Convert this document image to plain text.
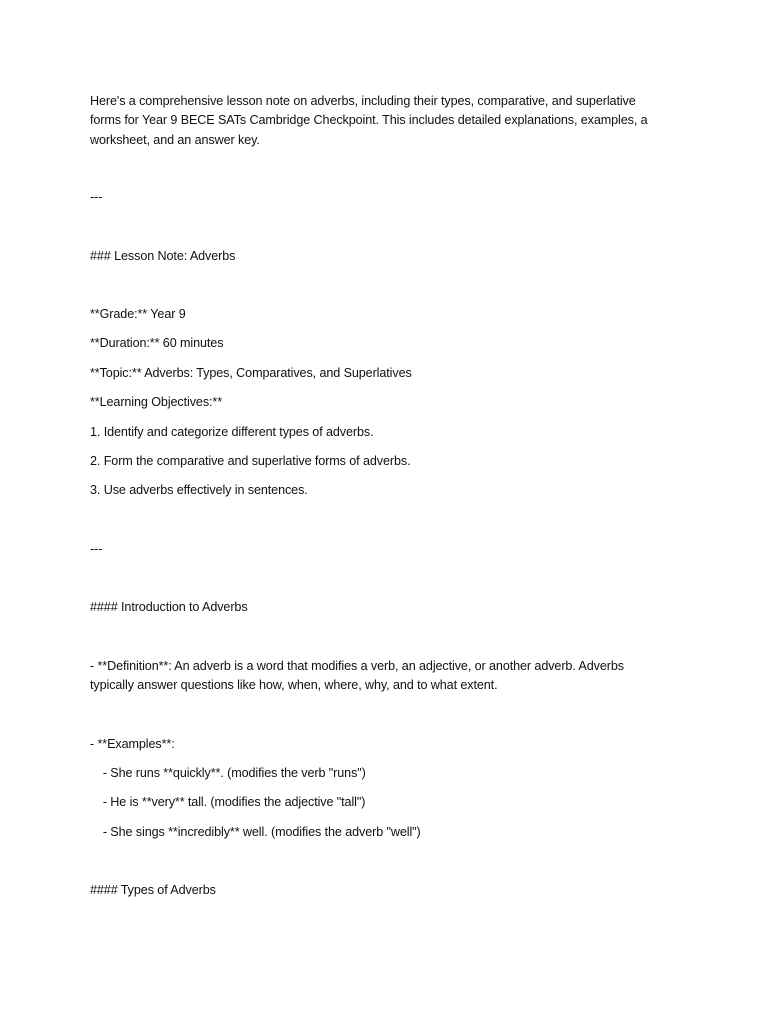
Here's a comprehensive lesson note on adverbs, including their types, comparative, and superlative forms for Year 9 BECE SATs Cambridge Checkpoint. This includes detailed explanations, examples, a worksheet, and an answer key.

---

### Lesson Note: Adverbs

**Grade:** Year 9

**Duration:** 60 minutes

**Topic:** Adverbs: Types, Comparatives, and Superlatives

**Learning Objectives:**

1. Identify and categorize different types of adverbs.

2. Form the comparative and superlative forms of adverbs.

3. Use adverbs effectively in sentences.

---

#### Introduction to Adverbs

- **Definition**: An adverb is a word that modifies a verb, an adjective, or another adverb. Adverbs typically answer questions like how, when, where, why, and to what extent.

- **Examples**:

- She runs **quickly**. (modifies the verb "runs")

- He is **very** tall. (modifies the adjective "tall")

- She sings **incredibly** well. (modifies the adverb "well")

#### Types of Adverbs
